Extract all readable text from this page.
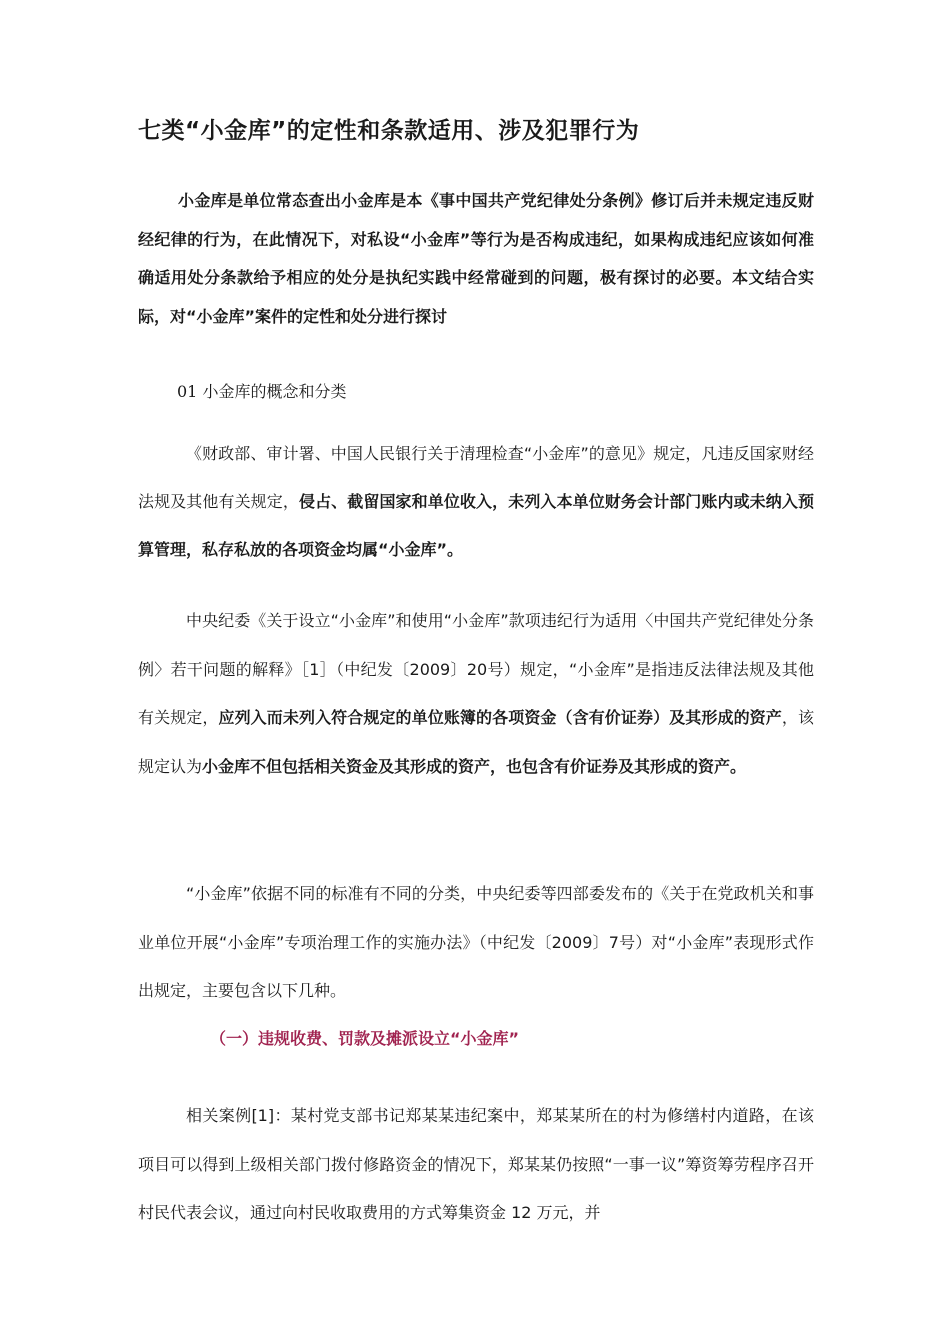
七类“小金库”的定性和条款适用、涉及犯罪行为

小金库是单位常态查出小金库是本《事中国共产党纪律处分条例》修订后并未规定违反财经纪律的行为，在此情况下，对私设“小金库”等行为是否构成违纪，如果构成违纪应该如何准确适用处分条款给予相应的处分是执纪实践中经常碰到的问题，极有探讨的必要。本文结合实际，对“小金库”案件的定性和处分进行探讨

01 小金库的概念和分类

《财政部、审计署、中国人民银行关于清理检查“小金库”的意见》规定，凡违反国家财经法规及其他有关规定，侵占、截留国家和单位收入，未列入本单位财务会计部门账内或未纳入预算管理，私存私放的各项资金均属“小金库”。

中央纪委《关于设立“小金库”和使用“小金库”款项违纪行为适用〈中国共产党纪律处分条例〉若干问题的解释》［1］（中纪发〔2009〕20号）规定，“小金库”是指违反法律法规及其他有关规定，应列入而未列入符合规定的单位账簿的各项资金（含有价证券）及其形成的资产，该规定认为小金库不但包括相关资金及其形成的资产，也包含有价证券及其形成的资产。

“小金库”依据不同的标准有不同的分类，中央纪委等四部委发布的《关于在党政机关和事业单位开展“小金库”专项治理工作的实施办法》（中纪发〔2009〕7号）对“小金库”表现形式作出规定，主要包含以下几种。

（一）违规收费、罚款及摊派设立“小金库”

相关案例[1]：某村党支部书记郑某某违纪案中，郑某某所在的村为修缮村内道路，在该项目可以得到上级相关部门拨付修路资金的情况下，郑某某仍按照“一事一议”筹资筹劳程序召开村民代表会议，通过向村民收取费用的方式筹集资金 12 万元，并
